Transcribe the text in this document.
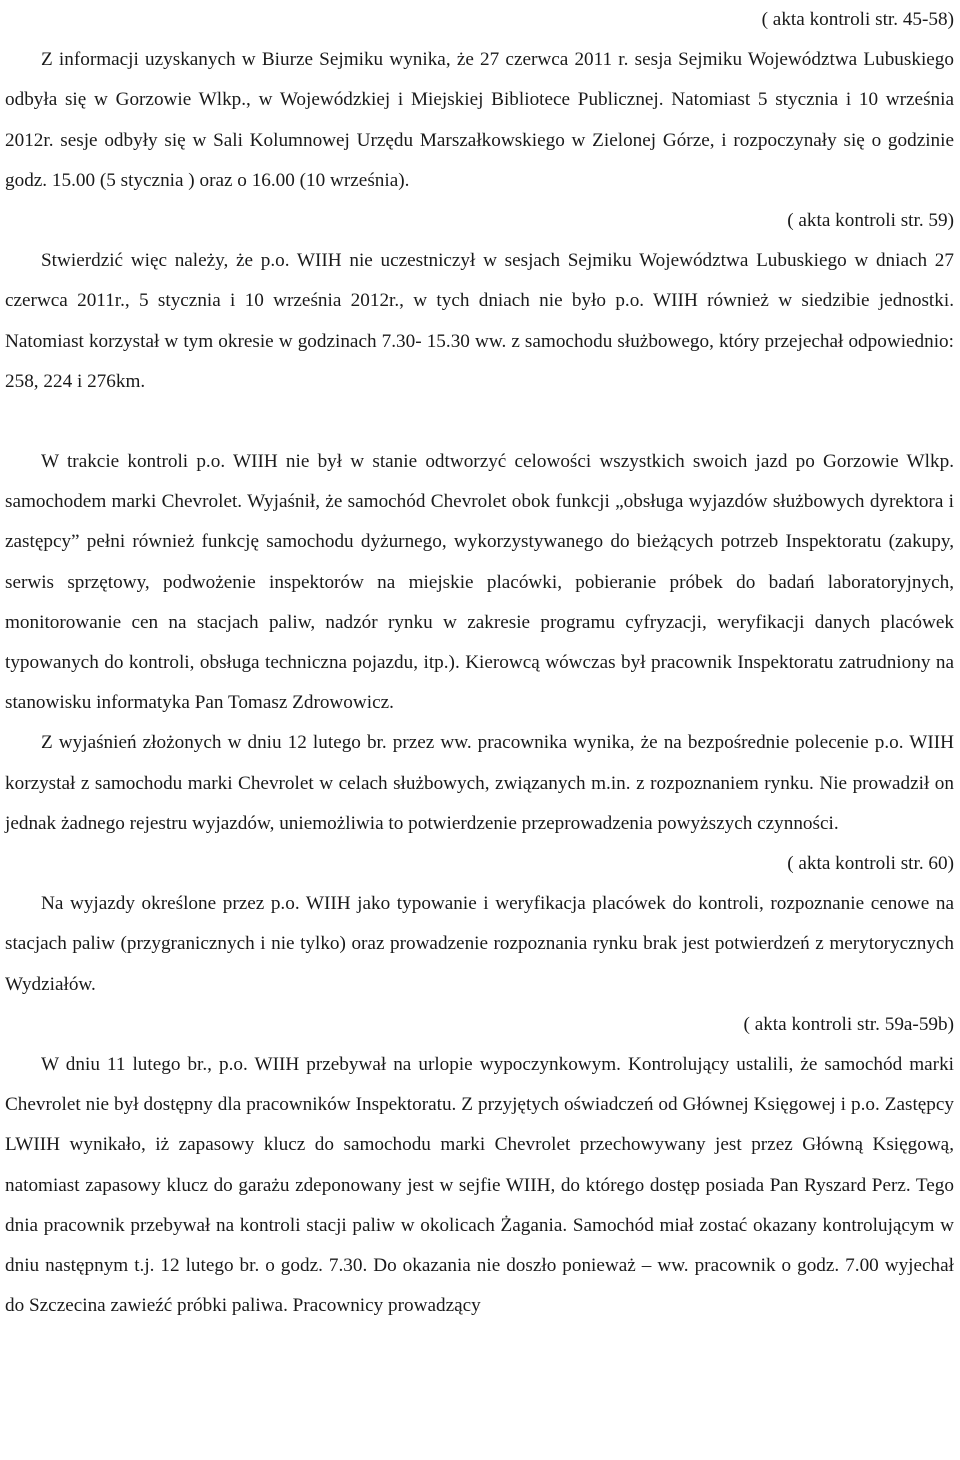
( akta kontroli str. 45-58)

Z informacji uzyskanych w Biurze Sejmiku wynika, że 27 czerwca 2011 r. sesja Sejmiku Województwa Lubuskiego odbyła się w Gorzowie Wlkp., w Wojewódzkiej i Miejskiej Bibliotece Publicznej. Natomiast 5 stycznia i 10 września 2012r. sesje odbyły się w Sali Kolumnowej Urzędu Marszałkowskiego w Zielonej Górze, i rozpoczynały się o godzinie godz. 15.00 (5 stycznia ) oraz o 16.00 (10 września).

( akta kontroli str. 59)

Stwierdzić więc należy, że p.o. WIIH nie uczestniczył w sesjach Sejmiku Województwa Lubuskiego w dniach 27 czerwca 2011r., 5 stycznia i 10 września 2012r., w tych dniach nie było p.o. WIIH również w siedzibie jednostki. Natomiast korzystał w tym okresie w godzinach 7.30- 15.30 ww. z samochodu służbowego, który przejechał odpowiednio: 258, 224 i 276km.

W trakcie kontroli p.o. WIIH nie był w stanie odtworzyć celowości wszystkich swoich jazd po Gorzowie Wlkp. samochodem marki Chevrolet. Wyjaśnił, że samochód Chevrolet obok funkcji „obsługa wyjazdów służbowych dyrektora i zastępcy” pełni również funkcję samochodu dyżurnego, wykorzystywanego do bieżących potrzeb Inspektoratu (zakupy, serwis sprzętowy, podwożenie inspektorów na miejskie placówki, pobieranie próbek do badań laboratoryjnych, monitorowanie cen na stacjach paliw, nadzór rynku w zakresie programu cyfryzacji, weryfikacji danych placówek typowanych do kontroli, obsługa techniczna pojazdu, itp.). Kierowcą wówczas był pracownik Inspektoratu zatrudniony na stanowisku informatyka Pan Tomasz Zdrowowicz.

Z wyjaśnień złożonych w dniu 12 lutego br. przez ww. pracownika wynika, że na bezpośrednie polecenie p.o. WIIH korzystał z samochodu marki Chevrolet w celach służbowych, związanych m.in. z rozpoznaniem rynku. Nie prowadził on jednak żadnego rejestru wyjazdów, uniemożliwia to potwierdzenie przeprowadzenia powyższych czynności.

( akta kontroli str. 60)

Na wyjazdy określone przez p.o. WIIH jako typowanie i weryfikacja placówek do kontroli, rozpoznanie cenowe na stacjach paliw (przygranicznych i nie tylko) oraz prowadzenie rozpoznania rynku brak jest potwierdzeń z merytorycznych Wydziałów.

( akta kontroli str. 59a-59b)

W dniu 11 lutego br., p.o. WIIH przebywał na urlopie wypoczynkowym. Kontrolujący ustalili, że samochód marki Chevrolet nie był dostępny dla pracowników Inspektoratu. Z przyjętych oświadczeń od Głównej Księgowej i p.o. Zastępcy LWIIH wynikało, iż zapasowy klucz do samochodu marki Chevrolet przechowywany jest przez Główną Księgową, natomiast zapasowy klucz do garażu zdeponowany jest w sejfie WIIH, do którego dostęp posiada Pan Ryszard Perz. Tego dnia pracownik przebywał na kontroli stacji paliw w okolicach Żagania. Samochód miał zostać okazany kontrolującym w dniu następnym t.j. 12 lutego br. o godz. 7.30. Do okazania nie doszło ponieważ – ww. pracownik o godz. 7.00 wyjechał do Szczecina zawieźć próbki paliwa. Pracownicy prowadzący
